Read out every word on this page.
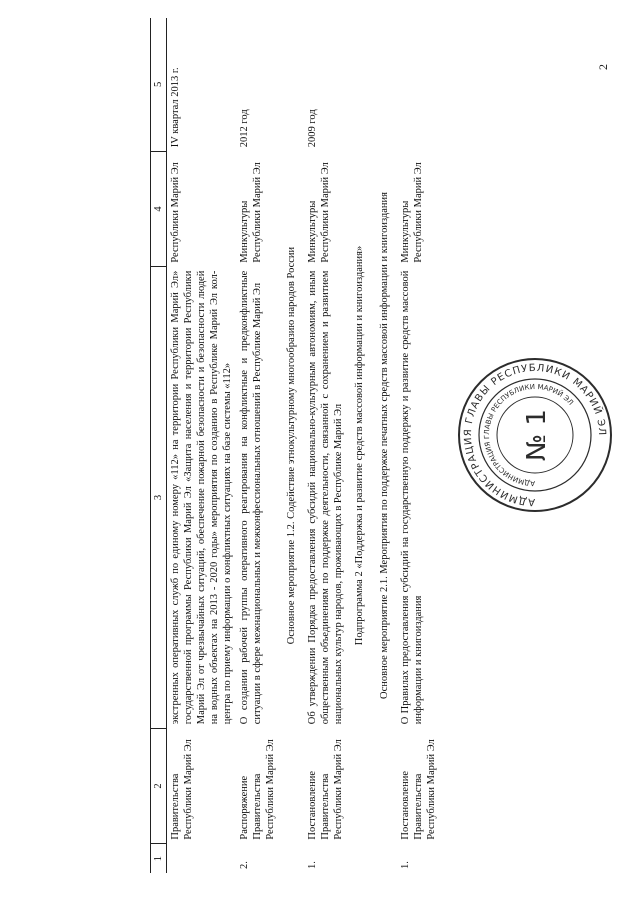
2
1	2	3	4	5
	Правительства Республики Марий Эл	экстренных оперативных служб по единому номеру «112» на территории Республики Марий Эл» государственной программы Республики Марий Эл «Защита населения и территории Республики Марий Эл от чрезвычайных ситуаций, обеспечение пожарной безопасности и безопасности людей на водных объектах на 2013 - 2020 годы» мероприятия по созданию в Республике Марий Эл кол-центра по приему информации о конфликтных ситуациях на базе системы «112»	Республики Марий Эл	IV квартал 2013 г.
2.	Распоряжение Правительства Республики Марий Эл	О создании рабочей группы оперативного реагирования на конфликтные и предконфликтные ситуации в сфере межнациональных и межконфессиональных отношений в Республике Марий Эл	Минкультуры Республики Марий Эл	2012 год
Основное мероприятие 1.2. Содействие этнокультурному многообразию народов России				
1.	Постановление Правительства Республики Марий Эл	Об утверждении Порядка предоставления субсидий национально-культурным автономиям, иным общественным объединениям по поддержке деятельности, связанной с сохранением и развитием национальных культур народов, проживающих в Республике Марий Эл	Минкультуры Республики Марий Эл	2009 год
Подпрограмма 2 «Поддержка и развитие средств массовой информации и книгоиздания»				
Основное мероприятие 2.1. Мероприятия по поддержке печатных средств массовой информации и книгоиздания				
1.	Постановление Правительства Республики Марий Эл	О Правилах предоставления субсидий на государственную поддержку и развитие средств массовой информации и книгоиздания	Минкультуры Республики Марий Эл	
АДМИНИСТРАЦИЯ ГЛАВЫ РЕСПУБЛИКИ МАРИЙ ЭЛ
АДМИНИСТРАЦИЯ ГЛАВЫ РЕСПУБЛИКИ МАРИЙ ЭЛ
№ 1
